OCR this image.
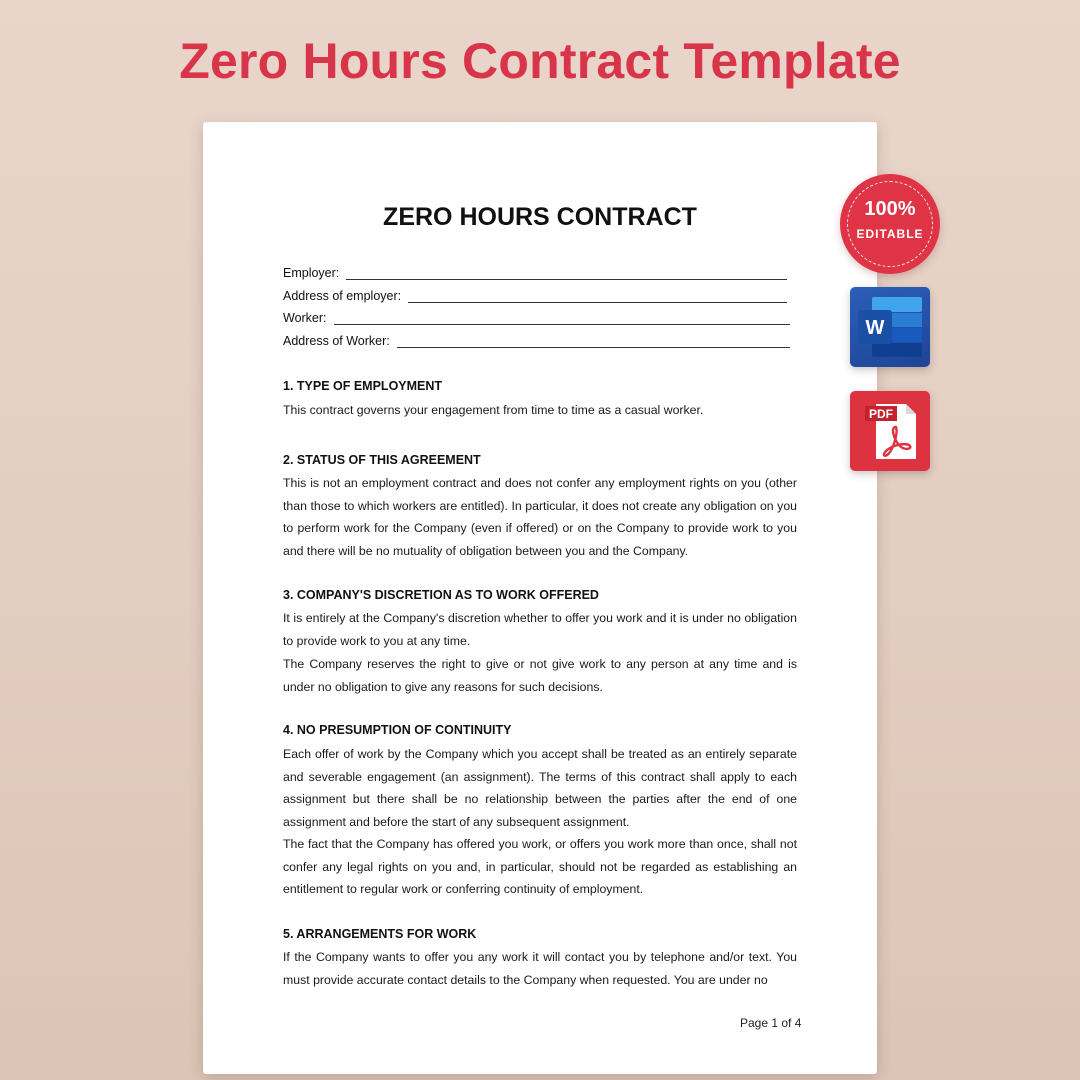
Zero Hours Contract Template
ZERO HOURS CONTRACT
Employer:
Address of employer:
Worker:
Address of Worker:
1. TYPE OF EMPLOYMENT

This contract governs your engagement from time to time as a casual worker.

2. STATUS OF THIS AGREEMENT

This is not an employment contract and does not confer any employment rights on you (other than those to which workers are entitled). In particular, it does not create any obligation on you to perform work for the Company (even if offered) or on the Company to provide work to you and there will be no mutuality of obligation between you and the Company.

3. COMPANY'S DISCRETION AS TO WORK OFFERED

It is entirely at the Company's discretion whether to offer you work and it is under no obligation to provide work to you at any time.

The Company reserves the right to give or not give work to any person at any time and is under no obligation to give any reasons for such decisions.

4. NO PRESUMPTION OF CONTINUITY

Each offer of work by the Company which you accept shall be treated as an entirely separate and severable engagement (an assignment). The terms of this contract shall apply to each assignment but there shall be no relationship between the parties after the end of one assignment and before the start of any subsequent assignment.

The fact that the Company has offered you work, or offers you work more than once, shall not confer any legal rights on you and, in particular, should not be regarded as establishing an entitlement to regular work or conferring continuity of employment.

5. ARRANGEMENTS FOR WORK

If the Company wants to offer you any work it will contact you by telephone and/or text. You must provide accurate contact details to the Company when requested. You are under no

Page 1 of 4
100%
EDITABLE
W
PDF
